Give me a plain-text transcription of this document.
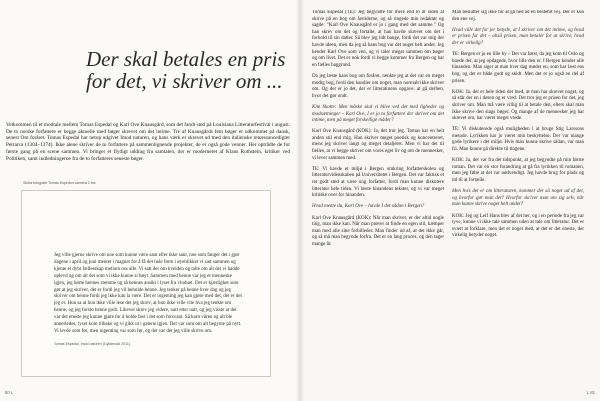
Der skal betales en pris for det, vi skriver om ...

Velkommen til et modtale mellem Tomas Espedal og Karl Ove Knausgård, som det fandt sted på Louisiana Litteraturfestival i august. De to norske forfattere er begge aktuelle med bøger skrevet om det intime. Tre af Knausgårds fem bøger er udkommet på dansk, senest Om foråret. Tomas Espedal har netop udgivet Imod naturen, og hans værk er skrevet ud med den italienske renæssancedigter Petrarca (1304–1374). Ikke alene skriver de to forfattere på sammenlignende projekter, de er også gode venner. Her optrådte de for første gang på en scene sammen. Vi bringer et flydigt uddrag fra samtalen, der er moderneret af Klaus Rothstein, kritiker ved Politiken, samt indledningerne fra de to forfatteres seneste bøger.

Skiba fotografe Tomas Espedon camera 2 toc

Jeg ville gjerne skrive om noe som kunne være sant eller ikke sant, noe som fanger det i gjør dagene i april og juni mentet i magnet for å få det hele frem i øyeblikket vi satt sammen og kjente et dybt fællesskap mellom oss alle. Vi satt der om kvelden og talte om alt det vi hadde oplevd og om alt det som vi ikke kunne si høyt. Sammen med henne var jeg et menneske igjen, jeg hørte hennes stemme og så hennes ansikt i lyset fra vinduet. Det er kjærlighet som gør at jeg skriver, det er fordi jeg vil beholde henne. Jeg tenker på henne hver dag og jeg skriver om henne fordi jeg ikke kan la være. Det er ingenting jeg kan gjøre med det, det er det jeg er. Hun sa at hun ikke ville lese det jeg skrev, at hun ikke ville vite hva jeg tenkte om henne, og jeg forsto henne godt. Likevel skrev jeg videre, natt etter natt, og jeg visste at det var det eneste jeg kunne gjøre for å holde fast i det som forsvant. Så kom våren og alt ble annerledes, lyset kom tilbake og vi gikk ut i gatene igjen. Det var som om alt begynte på nytt. Vi levde som før, men ingenting var som før, og det var det jeg ville skrive om.

Tomas Espedal, Imod naturen (Gyldendal 2011)

80 L

Tomas Espedal (TE): Jeg begyndte for mere end to år siden at skrive på en bog om årstiderne, og så ringede min redaktør og sagde: ”Karl Ove Knausgård er jo i gang med det samme.” Og han skrev om det og fortalte, at han havde skrevet om det i forhold til sin datter. Så blev jeg lidt bange, fordi det var mig der havde ideen, men da jeg så hans bog var det noget helt andet. Jeg kender Karl Ove som ven, og vi taler meget sammen om bøger og om livet. Det er nok fordi vi begge kommer fra Bergen og har en fælles baggrund.

Da jeg læste hans bog om foråret, tænkte jeg at det var en meget modig bog, fordi den handler om noget, man normalt ikke skriver om. Og det er jo det, der er litteraturens opgave: at gå derhen, hvor det gør ondt.

Kim Skotte: Men måske skal vi blive ved det med ligheder og modsætninger – Karl Ove, I er jo to forfattere der skriver om det intime, men på meget forskellige måder?

Karl Ove Knausgård (KOK): Ja, det tror jeg. Tomas har en helt anden stil end mig. Han skriver meget poetisk og koncentreret, mens jeg skriver langt og meget detaljeret. Men vi har det til fælles, at vi begge skriver om vores eget liv og om de mennesker, vi lever sammen med.

TE: Vi havde et miljø i Bergen omkring forfatterskolen og litteraturvidenskaben på Universitetet i Bergen. Det var faktisk et ret godt sted at være ung forfatter, fordi man kunne diskutere litteratur hele tiden. Vi læste hinandens tekster, og vi var meget kritiske over for hinanden.

Hvad mente du, Karl Ove – havde I det sådan i Bergen?

Karl Ove Knausgård (KOK): Når man skriver, er der altid nogle ting, man ikke kan. Når man prøver at finde en egen stil, kæmper man med alle sine forbilleder. Man finder ud af, at det ikke går, og så må man begynde forfra. Det er en lang proces, og den tager mange år.

Man beslutter sig ikke for at gå ned ad en bestemt vej. Der er kun den ene vej.

Hvad ville det for jer betyde, at I skriver om det intime, og hvad er prisen for det – altså prisen, man betaler for at skrive, hvad der er virkelig?

TE: Bergen er jo en lille by – Det var først, da jeg kom til Oslo og boede der, at jeg opdagede, hvor lille den er. I Bergen kender alle hinanden. Man siger at man hver dag møder en, som har læst ens bog, og det er både godt og skidt. Men det er jo også en del af prisen.

KOK: Ja, det er hele tiden det med, at man har skrevet noget, og så står der en i døren og er vred. Det tror jeg er prisen for det, jeg skriver om. Man må være villig til at betale den, ellers skal man ikke skrive den slags bøger. Og mange af de mennesker jeg har skrevet om, har været meget vrede.

TE: Vi diskuterede også muligheden i at bruge Stig Larssons metode. Lyrikken har jo været min beskyttelse. Der var mange gode lyrikere i det miljø. Hvis man kunne skrive sådan, var man fri. Man kunne gå direkte til tingene.

KOK: Ja, det var fra det tidspunkt, at jeg begyndte på min første roman. Det var en stor forandring at gå fra lyrikken til romanen, men jeg følte at det var nødvendigt. Jeg havde brug for plads og tid til at fortælle.

Men hvis det er om litteraturen, kommer der så noget ud af det, og hvorfor gør man det? Hvorfor skriver man om sig selv, når man kunne skrive noget helt andet?

KOK: Jeg og Leif Hans blev af det her, og i en periode fra jeg var tyve, kunne vi ikke tale sammen uden at tale om litteratur. Det er svært at forklare, men det er noget med, at det er det eneste, der virkelig betyder noget.

L 81
